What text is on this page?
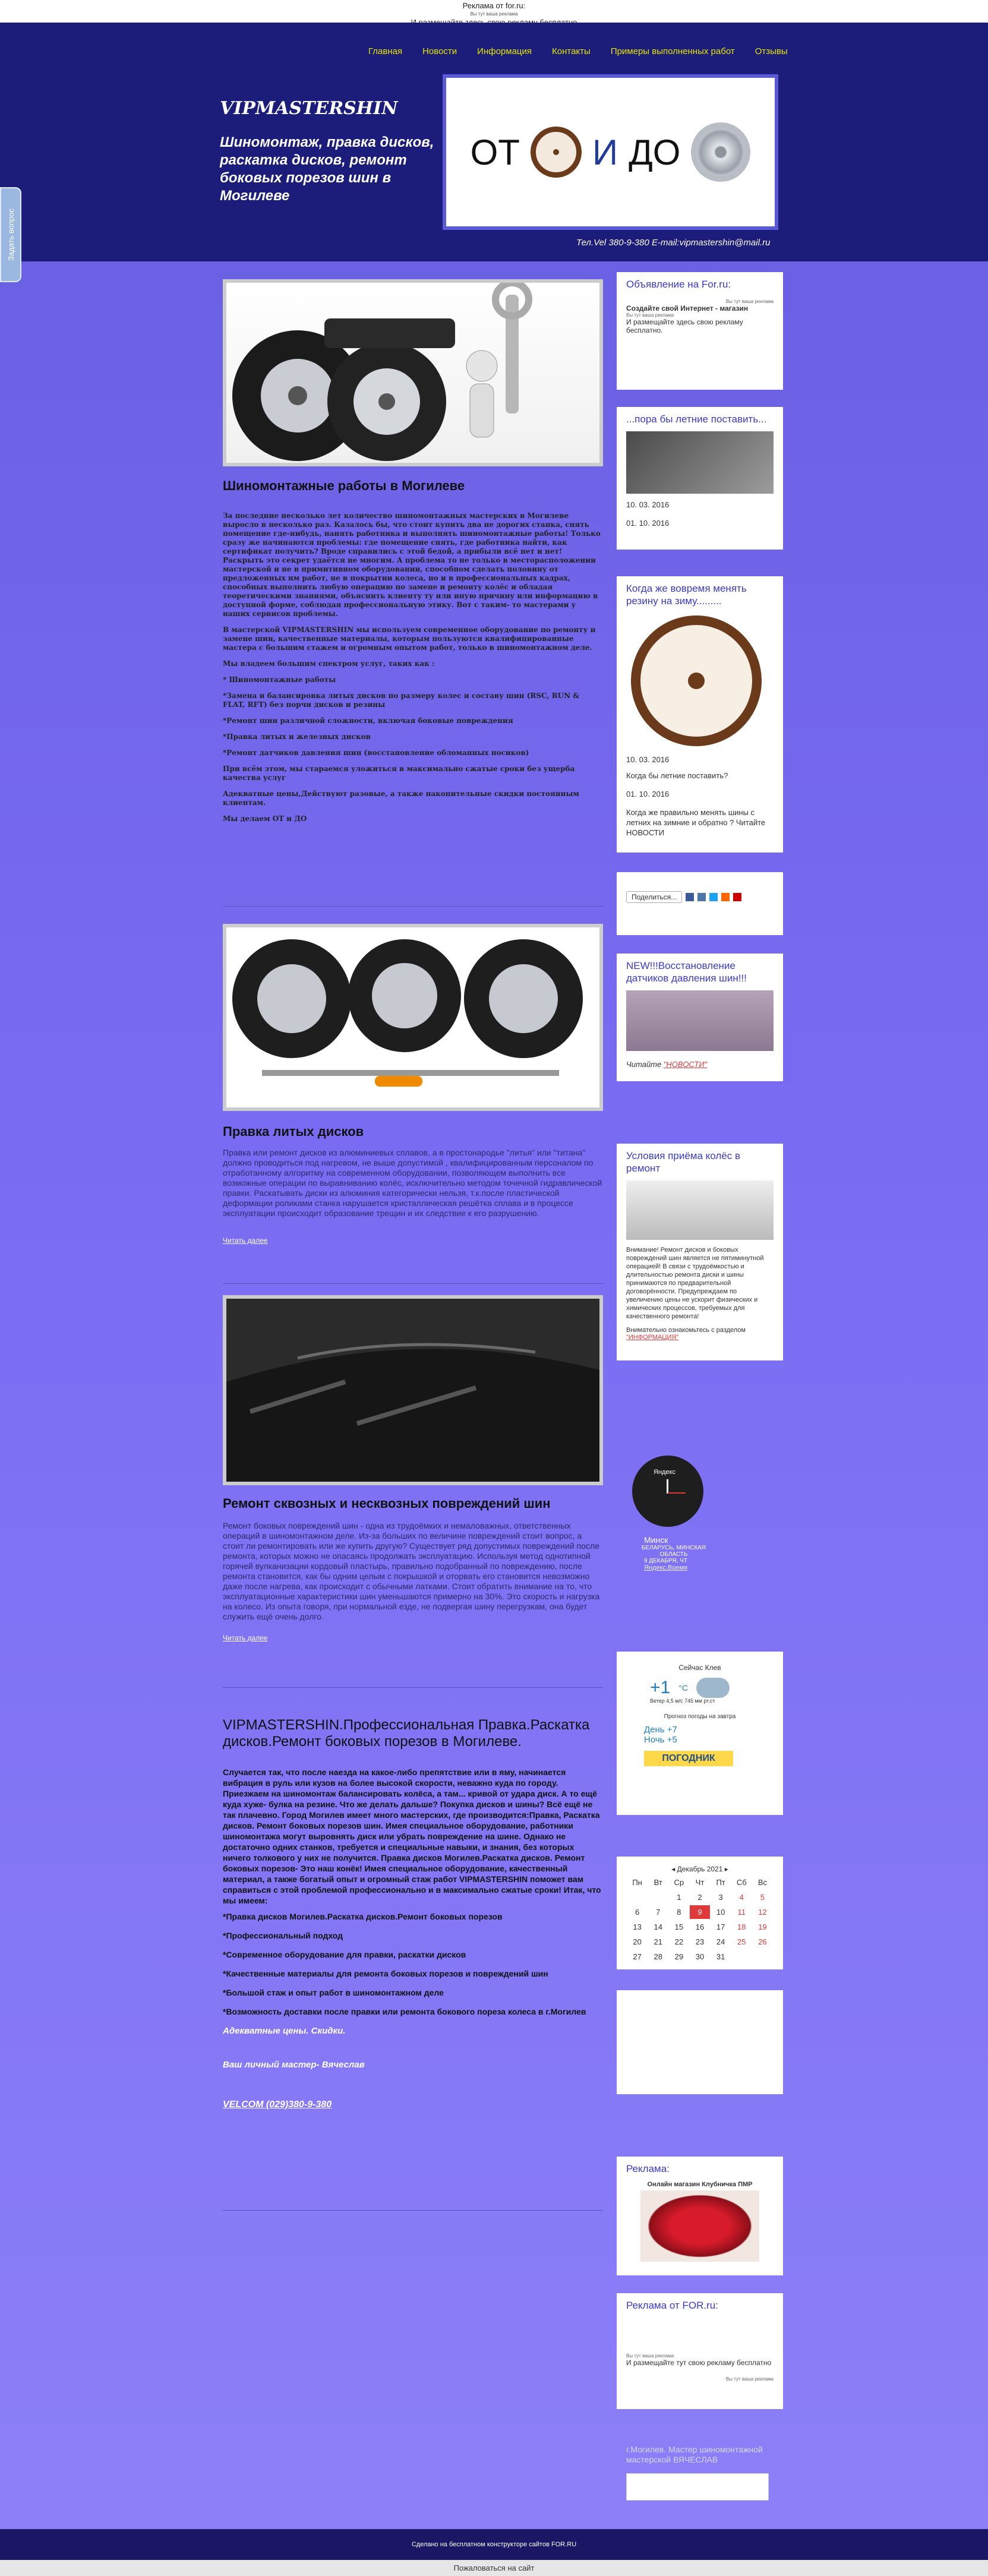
Реклама от for.ru:
Вы тут ваша реклама
Главная Новости Информация Контакты Примеры выполненных работ Отзывы
VIPMASTERSHIN
Шиномонтаж, правка дисков, раскатка дисков, ремонт боковых порезов шин в Могилеве
ОТ И ДО
Тел.Vel 380-9-380 E-mail:vipmastershin@mail.ru
Задать вопрос
Шиномонтажные работы в Могилеве

За последние несколько лет количество шиномонтажных мастерских в Могилеве выросло в несколько раз. Казалось бы, что стоит купить два не дорогих станка, снять помещение где-нибудь, нанять работника и выполнять шиномонтажные работы! Только сразу же начинаются проблемы: где помещение снять, где работника найти, как сертификат получить? Вроде справились с этой бедой, а прибыли всё нет и нет! Раскрыть это секрет удаётся не многим. А проблема то не только в месторасположении мастерской и не в примитивном оборудовании, способном сделать половину от предложенных нм работ, не в покрытии колеса, но и в профессиональных кадрах, способных выполнить любую операцию по замене и ремонту колёс и обладая теоретическими знаниями, объяснить клиенту ту или иную причину или информацию в доступной форме, соблюдая профессиональную этику. Вот с таким- то мастерами у наших сервисов проблемы.

В мастерской VIPMASTERSHIN мы используем современное оборудование по ремонту и замене шин, качественные материалы, которым пользуются квалифицированные мастера с большим стажем и огромным опытом работ, только в шиномонтажном деле.

Мы владеем большим спектром услуг, таких как :

* Шиномонтажные работы

*Замена и балансировка литых дисков по размеру колес и составу шин (RSC, RUN & FLAT, RFT) без порчи дисков и резины

*Ремонт шин различной сложности, включая боковые повреждения

*Правка литых и железных дисков

*Ремонт датчиков давления шин (восстановление обломанных носиков)

При всём этом, мы стараемся уложиться в максимально сжатые сроки без ущерба качества услуг

Адекватные цены,Действуют разовые, а также накопительные скидки постоянным клиентам.

Мы делаем ОТ и ДО

Правка литых дисков

Правка или ремонт дисков из алюминиевых сплавов, а в простонародье "литья" или "титана" должно проводиться под нагревом, не выше допустимой , квалифицированным персоналом по отработанному алгоритму на современном оборудовании, позволяющем выполнить все возможные операции по выравниванию колёс, исключительно методом точечной гидравлической правки. Раскатывать диски из алюминия категорически нельзя, т.к.после пластической деформации роликами станка нарушается кристаллическая решётка сплава и в процессе эксплуатации происходит образование трещин и их следствие к его разрушению.

Читать далее

Ремонт сквозных и несквозных повреждений шин

Ремонт боковых повреждений шин - одна из трудоёмких и немаловажных, ответственных операций в шиномонтажном деле. Из-за больших по величине повреждений стоит вопрос, а стоит ли ремонтировать или же купить другую? Существует ряд допустимых повреждений после ремонта, которых можно не опасаясь продолжать эксплуатацию. Используя метод однотипной горячей вулканизации кордовый пластырь, правильно подобранный по повреждению, после ремонта становится, как бы одним целым с покрышкой и оторвать его становится невозможно даже после нагрева, как происходит с обычными латками. Стоит обратить внимание на то, что эксплуатационные характеристики шин уменьшаются примерно на 30%. Это скорость и нагрузка на колесо. Из опыта говоря, при нормальной езде, не подвергая шину перегрузкам, она будет служить ещё очень долго.

Читать далее

VIPMASTERSHIN.Профессиональная Правка.Раскатка дисков.Ремонт боковых порезов в Могилеве.

Случается так, что после наезда на какое-либо препятствие или в яму, начинается вибрация в руль или кузов на более высокой скорости, неважно куда по городу. Приезжаем на шиномонтаж балансировать колёса, а там... кривой от удара диск. А то ещё куда хуже- булка на резине. Что же делать дальше? Покупка дисков и шины? Всё ещё не так плачевно. Город Могилев имеет много мастерских, где производится:Правка, Раскатка дисков. Ремонт боковых порезов шин. Имея специальное оборудование, работники шиномонтажа могут выровнять диск или убрать повреждение на шине. Однако не достаточно одних станков, требуется и специальные навыки, и знания, без которых ничего толкового у них не получится. Правка дисков Могилев.Раскатка дисков. Ремонт боковых порезов- Это наш конёк! Имея специальное оборудование, качественный материал, а также богатый опыт и огромный стаж работ VIPMASTERSHIN поможет вам справиться с этой проблемой профессионально и в максимально сжатые сроки! Итак, что мы имеем:

*Правка дисков Могилев.Раскатка дисков.Ремонт боковых порезов

*Профессиональный подход

*Современное оборудование для правки, раскатки дисков

*Качественные материалы для ремонта боковых порезов и повреждений шин

*Большой стаж и опыт работ в шиномонтажном деле

*Возможность доставки после правки или ремонта бокового пореза колеса в г.Могилев

Адекватные цены. Скидки.

Ваш личный мастер- Вячеслав

VELCOM (029)380-9-380

Объявление на For.ru:
Вы тут ваша реклама
Создайте свой Интернет - магазин
Вы тут ваша реклама
И размещайте здесь свою рекламу бесплатно.
...пора бы летние поставить...
10. 03. 2016
01. 10. 2016
Когда же вовремя менять резину на зиму.........
10. 03. 2016
Когда бы летние поставить?
01. 10. 2016
Когда же правильно менять шины с летних на зимние и обратно ? Читайте НОВОСТИ
Поделиться...
NEW!!!Восстановление датчиков давления шин!!!
Читайте "НОВОСТИ"
Условия приёма колёс в ремонт
Внимание! Ремонт дисков и боковых повреждений шин является не пятиминутной операцией! В связи с трудоёмкостью и длительностью ремонта диски и шины принимаются по предварительной договорённости. Предупреждаем по увеличению цены не ускорит физических и химических процессов, требуемых для качественного ремонта!
Внимательно ознакомьтесь с разделом "ИНФОРМАЦИЯ"
Яндекс
Минск
БЕЛАРУСЬ, МИНСКАЯ ОБЛАСТЬ
9 ДЕКАБРЯ, ЧТ
Яндекс.Время
Сейчас Клев
+1 °С
Ветер 4,5 м/с 745 мм рт.ст
Прогноз погоды на завтра
День +7
Ночь +5
ПОГОДНИК
◂ Декабрь 2021 ▸
Пн	Вт	Ср	Чт	Пт	Сб	Вс
		1	2	3	4	5
6	7	8	9	10	11	12
13	14	15	16	17	18	19
20	21	22	23	24	25	26
27	28	29	30	31		
Реклама:
Онлайн магазин Клубничка ПМР
Реклама от FOR.ru:
Вы тут ваша реклама
И размещайте тут свою рекламу бесплатно
Вы тут ваша реклама
г.Могилев. Мастер шиномонтажной мастерской ВЯЧЕСЛАВ
Сделано на бесплатном конструкторе сайтов FOR.RU
Пожаловаться на сайт
